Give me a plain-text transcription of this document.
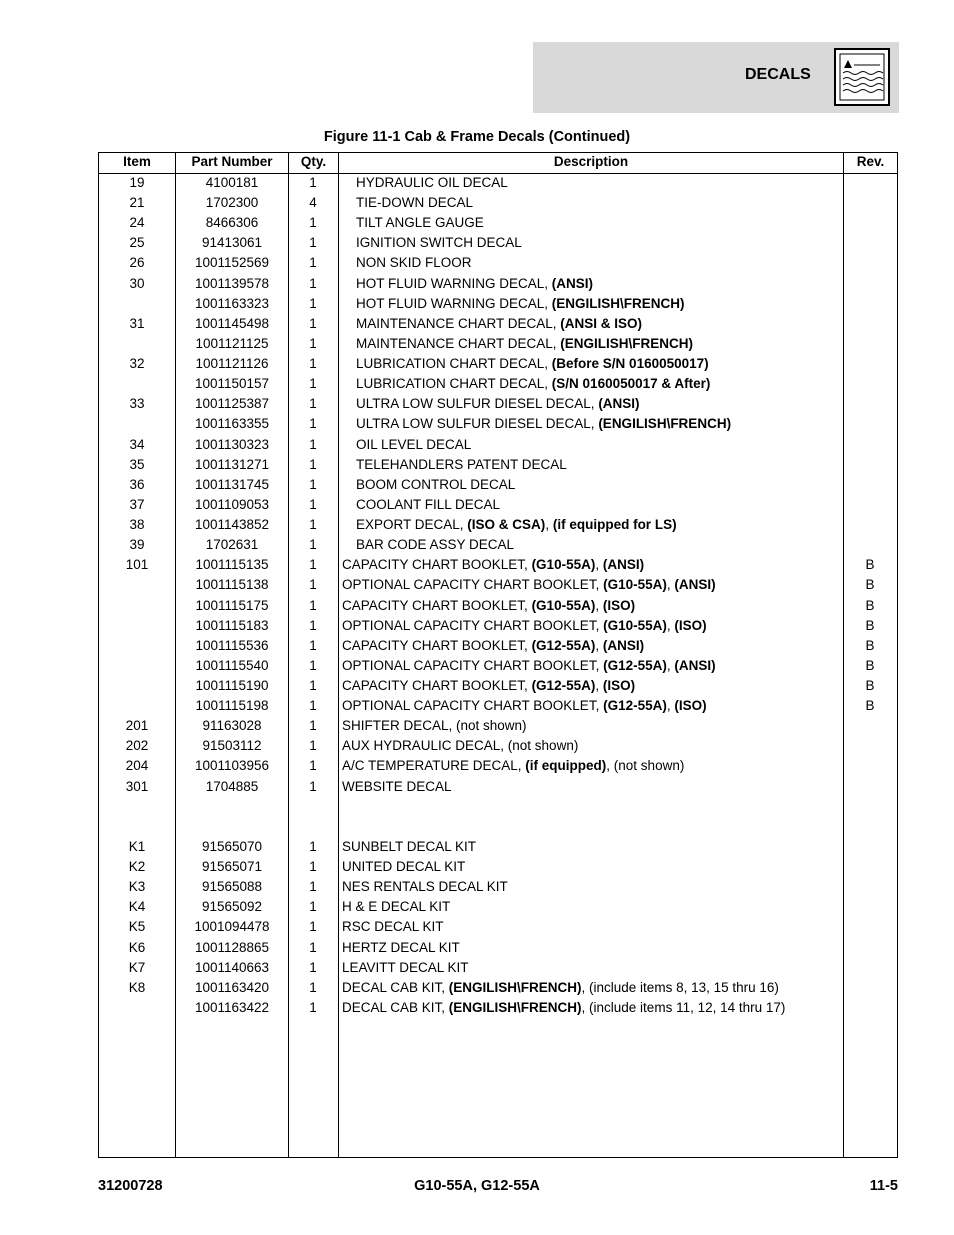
DECALS
Figure 11-1 Cab & Frame Decals (Continued)
Item	Part Number	Qty.	Description	Rev.
19	4100181	1	HYDRAULIC OIL DECAL
21	1702300	4	TIE-DOWN DECAL
24	8466306	1	TILT ANGLE GAUGE
25	91413061	1	IGNITION SWITCH DECAL
26	1001152569	1	NON SKID FLOOR
30	1001139578	1	HOT FLUID WARNING DECAL, (ANSI)
1001163323	1	HOT FLUID WARNING DECAL, (ENGILISH\FRENCH)
31	1001145498	1	MAINTENANCE CHART DECAL, (ANSI & ISO)
1001121125	1	MAINTENANCE CHART DECAL, (ENGILISH\FRENCH)
32	1001121126	1	LUBRICATION CHART DECAL, (Before S/N 0160050017)
1001150157	1	LUBRICATION CHART DECAL, (S/N 0160050017 & After)
33	1001125387	1	ULTRA LOW SULFUR DIESEL DECAL, (ANSI)
1001163355	1	ULTRA LOW SULFUR DIESEL DECAL, (ENGILISH\FRENCH)
34	1001130323	1	OIL LEVEL DECAL
35	1001131271	1	TELEHANDLERS PATENT DECAL
36	1001131745	1	BOOM CONTROL DECAL
37	1001109053	1	COOLANT FILL DECAL
38	1001143852	1	EXPORT DECAL, (ISO & CSA), (if equipped for LS)
39	1702631	1	BAR CODE ASSY DECAL
101	1001115135	1	CAPACITY CHART BOOKLET, (G10-55A), (ANSI)	B
1001115138	1	OPTIONAL CAPACITY CHART BOOKLET, (G10-55A), (ANSI)	B
1001115175	1	CAPACITY CHART BOOKLET, (G10-55A), (ISO)	B
1001115183	1	OPTIONAL CAPACITY CHART BOOKLET, (G10-55A), (ISO)	B
1001115536	1	CAPACITY CHART BOOKLET, (G12-55A), (ANSI)	B
1001115540	1	OPTIONAL CAPACITY CHART BOOKLET, (G12-55A), (ANSI)	B
1001115190	1	CAPACITY CHART BOOKLET, (G12-55A), (ISO)	B
1001115198	1	OPTIONAL CAPACITY CHART BOOKLET, (G12-55A), (ISO)	B
201	91163028	1	SHIFTER DECAL, (not shown)
202	91503112	1	AUX HYDRAULIC DECAL, (not shown)
204	1001103956	1	A/C TEMPERATURE DECAL, (if equipped), (not shown)
301	1704885	1	WEBSITE DECAL
K1	91565070	1	SUNBELT DECAL KIT
K2	91565071	1	UNITED DECAL KIT
K3	91565088	1	NES RENTALS DECAL KIT
K4	91565092	1	H & E DECAL KIT
K5	1001094478	1	RSC DECAL KIT
K6	1001128865	1	HERTZ DECAL KIT
K7	1001140663	1	LEAVITT DECAL KIT
K8	1001163420	1	DECAL CAB KIT, (ENGILISH\FRENCH), (include items 8, 13, 15 thru 16)
1001163422	1	DECAL CAB KIT, (ENGILISH\FRENCH), (include items 11, 12, 14 thru 17)
31200728	G10-55A, G12-55A	11-5
